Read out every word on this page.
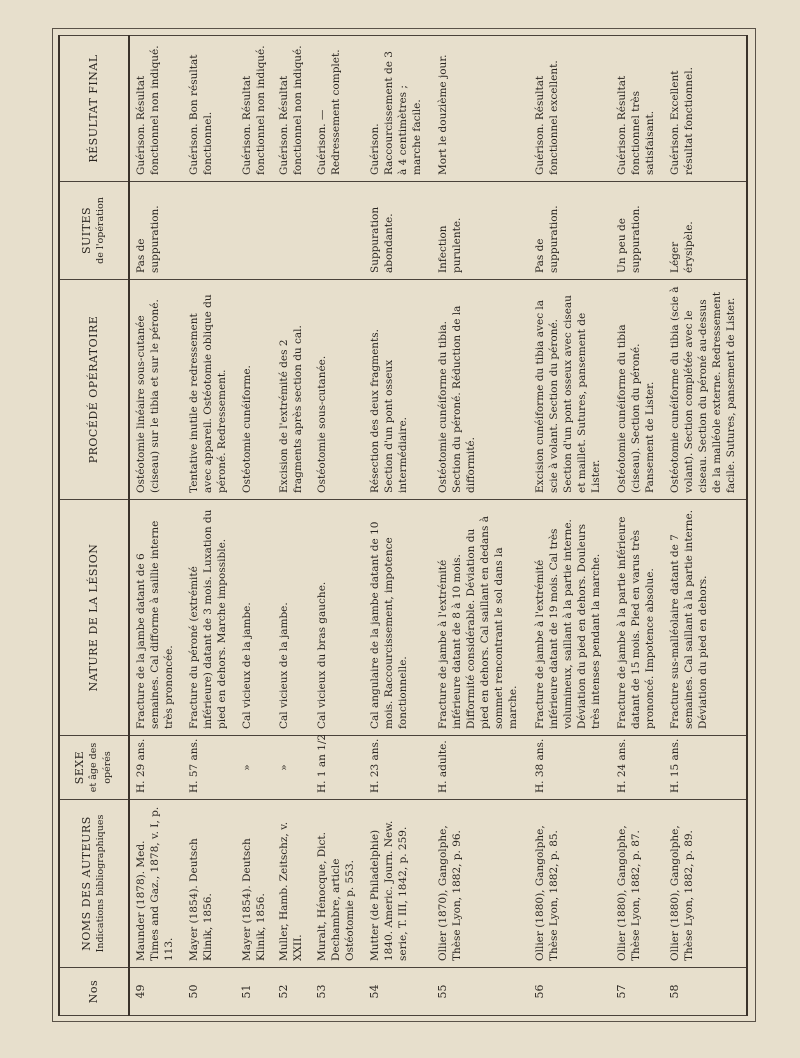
Nos	NOMS DES AUTEURS Indications bibliographiques	SEXE et âge des opérés	NATURE DE LA LÉSION	PROCÉDÉ OPÉRATOIRE	SUITES de l'opération	RÉSULTAT FINAL
49	Maunder (1878). Med. Times and Gaz., 1878, v. I, p. 113.	H. 29 ans.	Fracture de la jambe datant de 6 semaines. Cal difforme à saillie interne très prononcée.	Ostéotomie linéaire sous-cutanée (ciseau) sur le tibia et sur le péroné.	Pas de suppuration.	Guérison. Résultat fonctionnel non indiqué.
50	Mayer (1854). Deutsch Klinik, 1856.	H. 57 ans.	Fracture du péroné (extrémité inférieure) datant de 3 mois. Luxation du pied en dehors. Marche impossible.	Tentative inutile de redressement avec appareil. Ostéotomie oblique du péroné. Redressement.		Guérison. Bon résultat fonctionnel.
51	Mayer (1854). Deutsch Klinik, 1856.	»	Cal vicieux de la jambe.	Ostéotomie cunéiforme.		Guérison. Résultat fonctionnel non indiqué.
52	Muller, Hamb. Zeitschz, v. XXII.	»	Cal vicieux de la jambe.	Excision de l'extrémité des 2 fragments après section du cal.		Guérison. Résultat fonctionnel non indiqué.
53	Muralt, Hénocque, Dict. Dechambre, article Ostéotomie p. 553.	H. 1 an 1/2	Cal vicieux du bras gauche.	Ostéotomie sous-cutanée.		Guérison. — Redressement complet.
54	Mutter (de Philadelphie) 1840. Americ. Journ. New. serie, T. III, 1842, p. 259.	H. 23 ans.	Cal angulaire de la jambe datant de 10 mois. Raccourcissement, impotence fonctionnelle.	Résection des deux fragments. Section d'un pont osseux intermédiaire.	Suppuration abondante.	Guérison. Raccourcissement de 3 à 4 centimètres ; marche facile.
55	Ollier (1870), Gangolphe, Thèse Lyon, 1882, p. 96.	H. adulte.	Fracture de jambe à l'extrémité inférieure datant de 8 à 10 mois. Difformité considérable. Déviation du pied en dehors. Cal saillant en dedans à sommet rencontrant le sol dans la marche.	Ostéotomie cunéiforme du tibia. Section du péroné. Réduction de la difformité.	Infection purulente.	Mort le douzième jour.
56	Ollier (1880), Gangolphe, Thèse Lyon, 1882, p. 85.	H. 38 ans.	Fracture de jambe à l'extrémité inférieure datant de 19 mois. Cal très volumineux, saillant à la partie interne. Déviation du pied en dehors. Douleurs très intenses pendant la marche.	Excision cunéiforme du tibia avec la scie à volant. Section du péroné. Section d'un pont osseux avec ciseau et maillet. Sutures, pansement de Lister.	Pas de suppuration.	Guérison. Résultat fonctionnel excellent.
57	Ollier (1880), Gangolphe, Thèse Lyon, 1882, p. 87.	H. 24 ans.	Fracture de jambe à la partie inférieure datant de 15 mois. Pied en varus très prononcé. Impotence absolue.	Ostéotomie cunéiforme du tibia (ciseau). Section du péroné. Pansement de Lister.	Un peu de suppuration.	Guérison. Résultat fonctionnel très satisfaisant.
58	Ollier (1880), Gangolphe, Thèse Lyon, 1882, p. 89.	H. 15 ans.	Fracture sus-malléolaire datant de 7 semaines. Cal saillant à la partie interne. Déviation du pied en dehors.	Ostéotomie cunéiforme du tibia (scie à volant). Section complétée avec le ciseau. Section du péroné au-dessus de la malléole externe. Redressement facile. Sutures, pansement de Lister.	Léger érysipèle.	Guérison. Excellent résultat fonctionnel.
